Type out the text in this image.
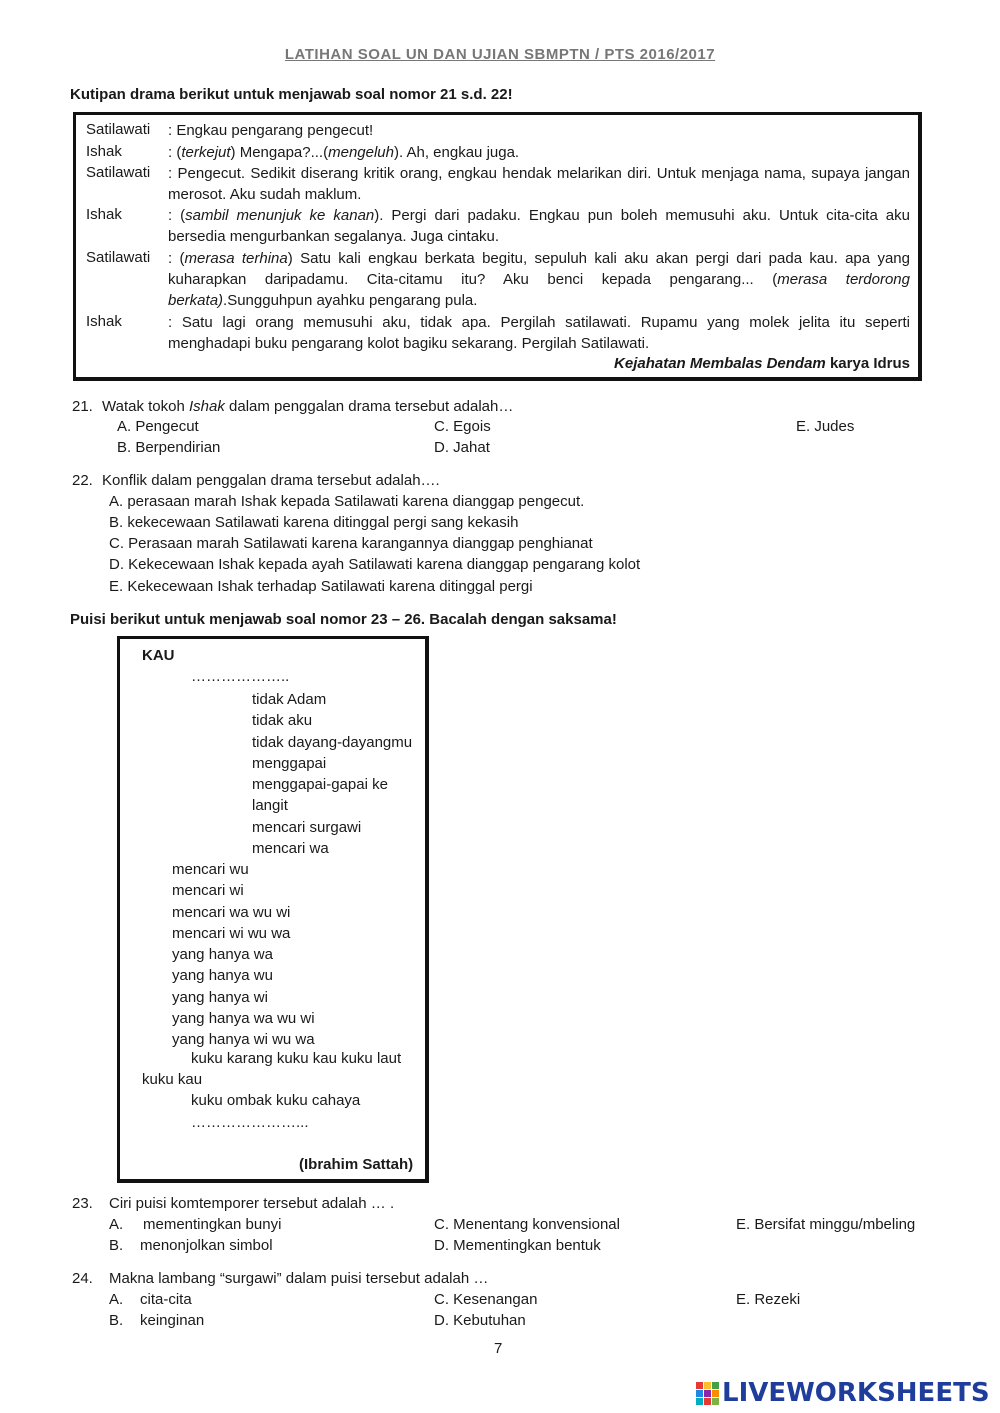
LATIHAN SOAL UN DAN UJIAN SBMPTN / PTS 2016/2017
Kutipan drama berikut untuk menjawab soal nomor 21 s.d. 22!
Satilawati : Engkau pengarang pengecut!
Ishak	: (terkejut) Mengapa?...(mengeluh). Ah, engkau juga.
Satilawati : Pengecut. Sedikit diserang kritik orang, engkau hendak melarikan diri. Untuk menjaga nama, supaya jangan merosot. Aku sudah maklum.
Ishak	: (sambil menunjuk ke kanan). Pergi dari padaku. Engkau pun boleh memusuhi aku. Untuk cita-cita aku bersedia mengurbankan segalanya. Juga cintaku.
Satilawati : (merasa terhina) Satu kali engkau berkata begitu, sepuluh kali aku akan pergi dari pada kau. apa yang kuharapkan daripadamu. Cita-citamu itu? Aku benci kepada pengarang... (merasa terdorong berkata).Sungguhpun ayahku pengarang pula.
Ishak	: Satu lagi orang memusuhi aku, tidak apa. Pergilah satilawati. Rupamu yang molek jelita itu seperti menghadapi buku pengarang kolot bagiku sekarang. Pergilah Satilawati.
Kejahatan Membalas Dendam karya Idrus
21. Watak tokoh Ishak dalam penggalan drama tersebut adalah…
A. Pengecut
B. Berpendirian
C. Egois
D. Jahat
E. Judes
22. Konflik dalam penggalan drama tersebut adalah….
A. perasaan marah Ishak kepada Satilawati karena dianggap pengecut.
B. kekecewaan Satilawati karena ditinggal pergi sang kekasih
C. Perasaan marah Satilawati karena karangannya dianggap penghianat
D. Kekecewaan Ishak kepada ayah Satilawati karena dianggap pengarang kolot
E. Kekecewaan Ishak terhadap Satilawati karena ditinggal pergi
Puisi berikut untuk menjawab soal nomor 23 – 26. Bacalah dengan saksama!
KAU
………………..
tidak Adam
tidak aku
tidak dayang-dayangmu
menggapai
menggapai-gapai ke
langit
mencari surgawi
mencari wa
mencari wu
mencari wi
mencari wa wu wi
mencari wi wu wa
yang hanya wa
yang hanya wu
yang hanya wi
yang hanya wa wu wi
yang hanya wi wu wa
kuku karang kuku kau kuku laut
kuku kau
kuku ombak kuku cahaya
…………………...
(Ibrahim Sattah)
23. Ciri puisi komtemporer tersebut adalah … .
A. mementingkan bunyi
B. menonjolkan simbol
C. Menentang konvensional
D. Mementingkan bentuk
E. Bersifat minggu/mbeling
24. Makna lambang “surgawi” dalam puisi tersebut adalah …
A. cita-cita
B. keinginan
C. Kesenangan
D. Kebutuhan
E. Rezeki
7
LIVEWORKSHEETS
